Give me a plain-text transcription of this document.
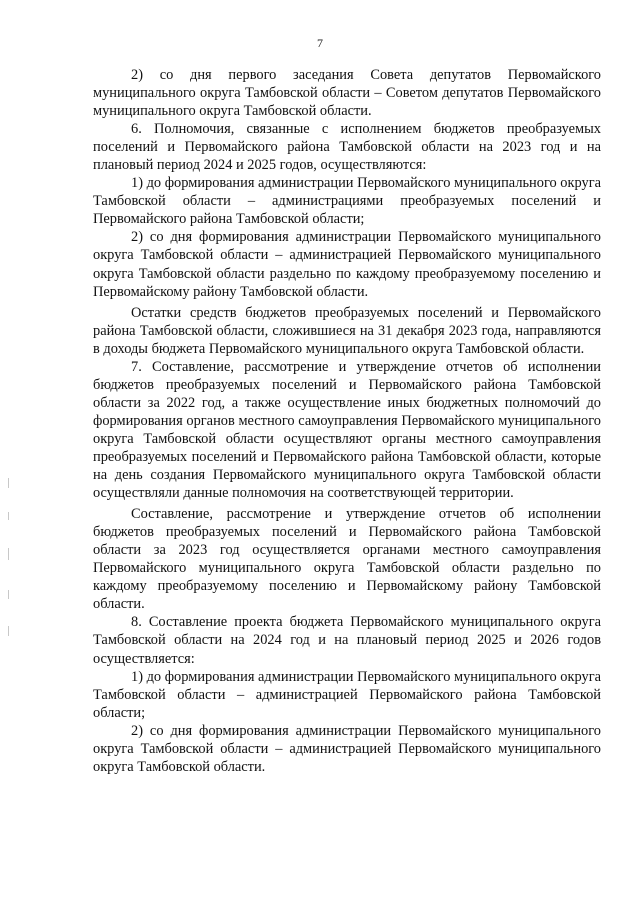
7

2) со дня первого заседания Совета депутатов Первомайского муниципального округа Тамбовской области – Советом депутатов Первомайского муниципального округа Тамбовской области.

6. Полномочия, связанные с исполнением бюджетов преобразуемых поселений и Первомайского района Тамбовской области на 2023 год и на плановый период 2024 и 2025 годов, осуществляются:

1) до формирования администрации Первомайского муниципального округа Тамбовской области – администрациями преобразуемых поселений и Первомайского района Тамбовской области;

2) со дня формирования администрации Первомайского муниципального округа Тамбовской области – администрацией Первомайского муниципального округа Тамбовской области раздельно по каждому преобразуемому поселению и Первомайскому району Тамбовской области.

Остатки средств бюджетов преобразуемых поселений и Первомайского района Тамбовской области, сложившиеся на 31 декабря 2023 года, направляются в доходы бюджета Первомайского муниципального округа Тамбовской области.

7. Составление, рассмотрение и утверждение отчетов об исполнении бюджетов преобразуемых поселений и Первомайского района Тамбовской области за 2022 год, а также осуществление иных бюджетных полномочий до формирования органов местного самоуправления Первомайского муниципального округа Тамбовской области осуществляют органы местного самоуправления преобразуемых поселений и Первомайского района Тамбовской области, которые на день создания Первомайского муниципального округа Тамбовской области осуществляли данные полномочия на соответствующей территории.

Составление, рассмотрение и утверждение отчетов об исполнении бюджетов преобразуемых поселений и Первомайского района Тамбовской области за 2023 год осуществляется органами местного самоуправления Первомайского муниципального округа Тамбовской области раздельно по каждому преобразуемому поселению и Первомайскому району Тамбовской области.

8. Составление проекта бюджета Первомайского муниципального округа Тамбовской области на 2024 год и на плановый период 2025 и 2026 годов осуществляется:

1) до формирования администрации Первомайского муниципального округа Тамбовской области – администрацией Первомайского района Тамбовской области;

2) со дня формирования администрации Первомайского муниципального округа Тамбовской области – администрацией Первомайского муниципального округа Тамбовской области.
